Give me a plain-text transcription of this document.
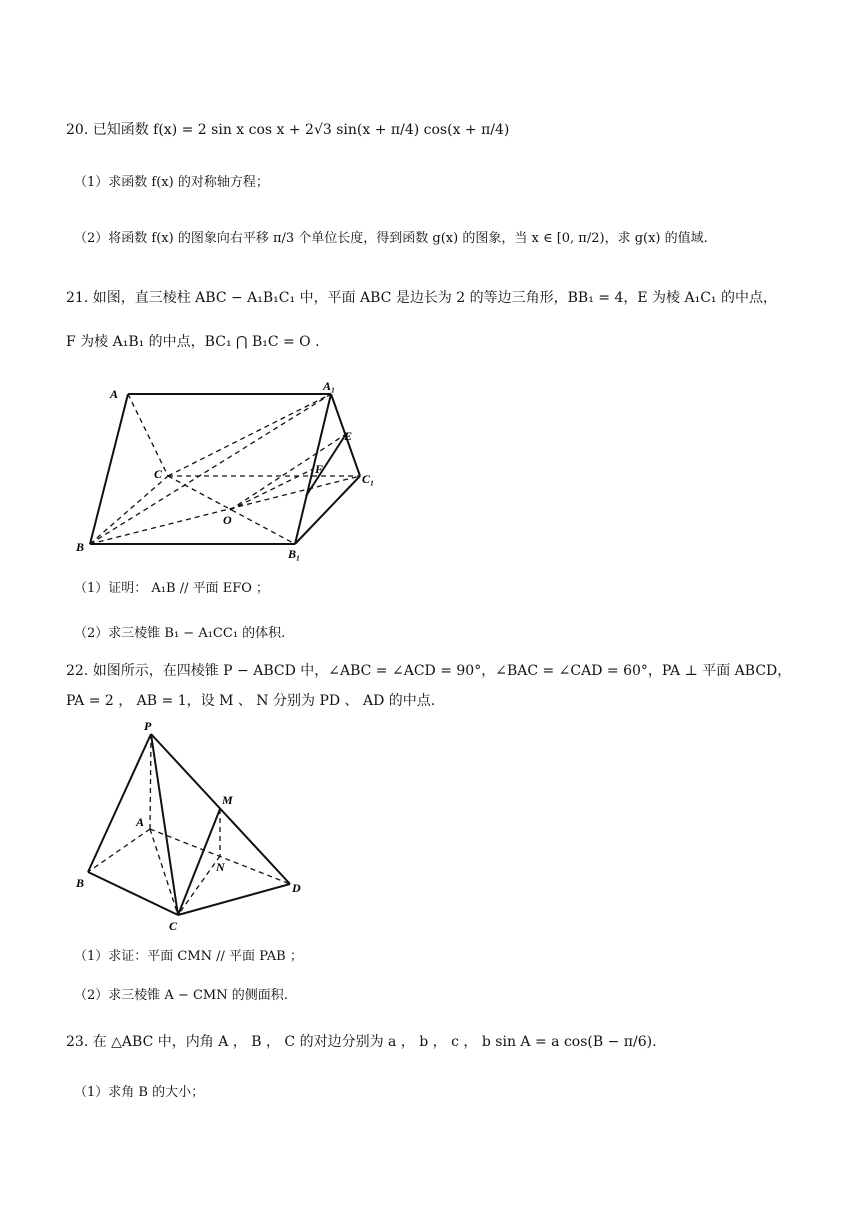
20. 已知函数 f(x) = 2 sin x cos x + 2√3 sin(x + π/4) cos(x + π/4)
（1）求函数 f(x) 的对称轴方程；
（2）将函数 f(x) 的图象向右平移 π/3 个单位长度，得到函数 g(x) 的图象，当 x ∈ [0, π/2)，求 g(x) 的值域.
21. 如图，直三棱柱 ABC − A₁B₁C₁ 中，平面 ABC 是边长为 2 的等边三角形，BB₁ = 4，E 为棱 A₁C₁ 的中点，
F 为棱 A₁B₁ 的中点，BC₁ ⋂ B₁C = O .
A
A₁
E
C	F
C₁
O
B	B₁
（1）证明： A₁B // 平面 EFO ；
（2）求三棱锥 B₁ − A₁CC₁ 的体积.
22. 如图所示，在四棱锥 P − ABCD 中，∠ABC = ∠ACD = 90°，∠BAC = ∠CAD = 60°，PA ⊥ 平面 ABCD，
PA = 2 ， AB = 1，设 M 、 N 分别为 PD 、 AD 的中点.
P
M
A
N
B	D
C
（1）求证：平面 CMN // 平面 PAB ；
（2）求三棱锥 A − CMN 的侧面积.
23. 在 △ABC 中，内角 A ， B ， C 的对边分别为 a ， b ， c ， b sin A = a cos(B − π/6).
（1）求角 B 的大小；
